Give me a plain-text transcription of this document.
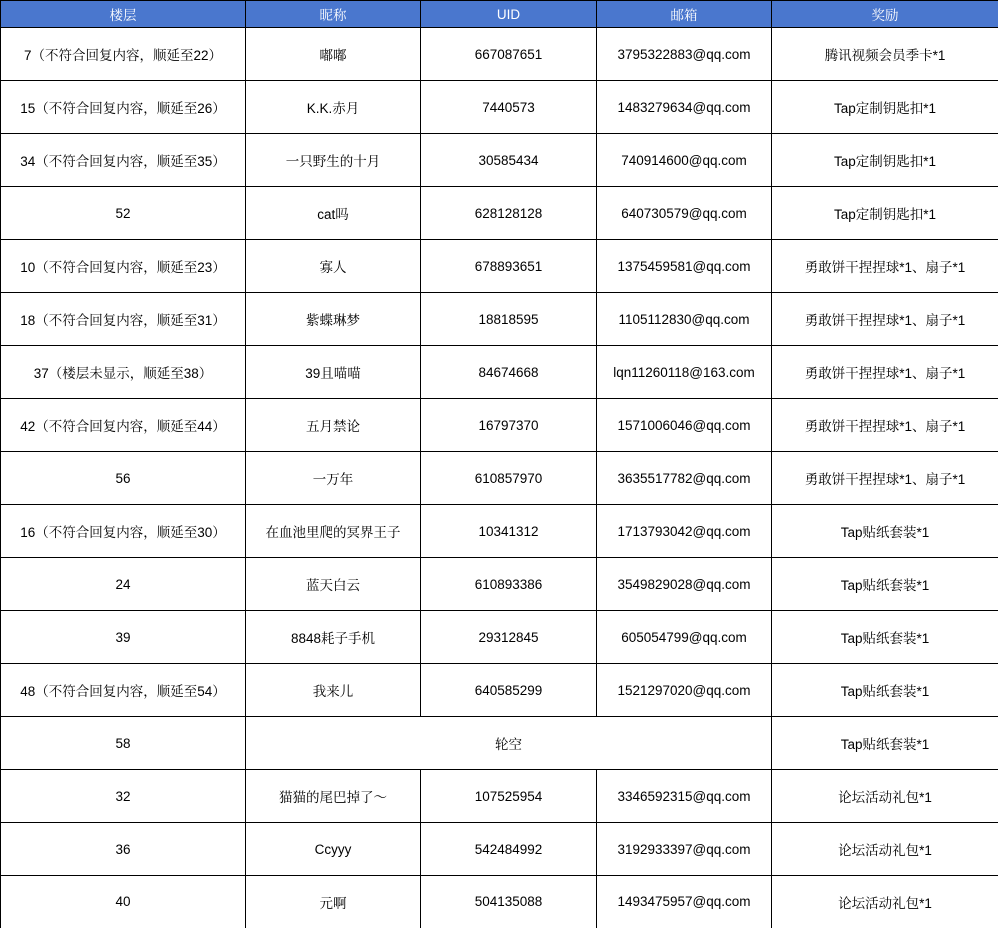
楼层	昵称	UID	邮箱	奖励
7（不符合回复内容，顺延至22）	嘟嘟	667087651	3795322883@qq.com	腾讯视频会员季卡*1
15（不符合回复内容，顺延至26）	K.K.赤月	7440573	1483279634@qq.com	Tap定制钥匙扣*1
34（不符合回复内容，顺延至35）	一只野生的十月	30585434	740914600@qq.com	Tap定制钥匙扣*1
52	cat吗	628128128	640730579@qq.com	Tap定制钥匙扣*1
10（不符合回复内容，顺延至23）	寡人	678893651	1375459581@qq.com	勇敢饼干捏捏球*1、扇子*1
18（不符合回复内容，顺延至31）	紫蝶琳梦	18818595	1105112830@qq.com	勇敢饼干捏捏球*1、扇子*1
37（楼层未显示，顺延至38）	39且喵喵	84674668	lqn11260118@163.com	勇敢饼干捏捏球*1、扇子*1
42（不符合回复内容，顺延至44）	五月禁论	16797370	1571006046@qq.com	勇敢饼干捏捏球*1、扇子*1
56	一万年	610857970	3635517782@qq.com	勇敢饼干捏捏球*1、扇子*1
16（不符合回复内容，顺延至30）	在血池里爬的冥界王子	10341312	1713793042@qq.com	Tap贴纸套装*1
24	蓝天白云	610893386	3549829028@qq.com	Tap贴纸套装*1
39	8848耗子手机	29312845	605054799@qq.com	Tap贴纸套装*1
48（不符合回复内容，顺延至54）	我来儿	640585299	1521297020@qq.com	Tap贴纸套装*1
58	轮空			Tap贴纸套装*1
32	猫猫的尾巴掉了～	107525954	3346592315@qq.com	论坛活动礼包*1
36	Ccyyy	542484992	3192933397@qq.com	论坛活动礼包*1
40	元啊	504135088	1493475957@qq.com	论坛活动礼包*1
